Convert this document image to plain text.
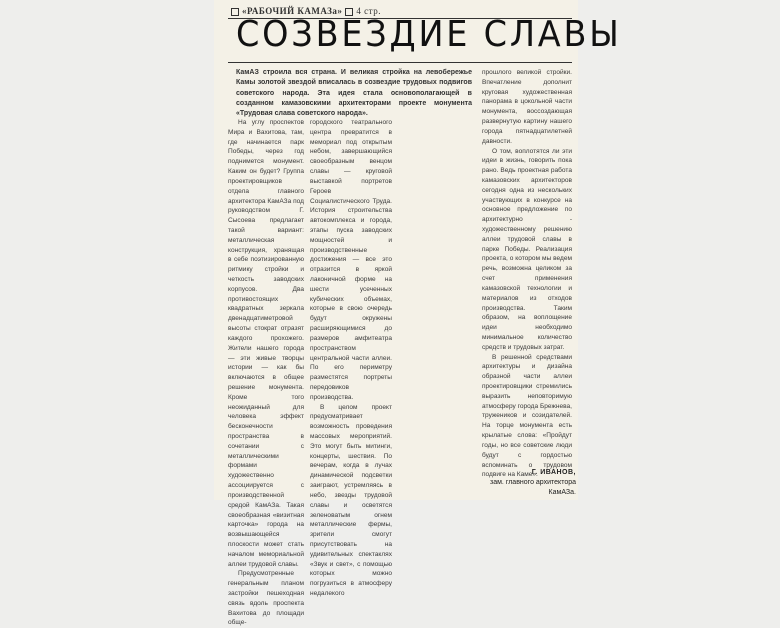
«РАБОЧИЙ КАМАЗа» 4 стр.
СОЗВЕЗДИЕ СЛАВЫ
КамАЗ строила вся страна. И великая стройка на левобережье Камы золотой звездой вписалась в созвездие трудовых подвигов советского народа. Эта идея стала основополагающей в созданном камазовскими архитекторами проекте монумента «Трудовая слава советского народа».

На углу проспектов Мира и Вахитова, там, где начинается парк Победы, через год поднимется монумент. Каким он будет? Группа проектировщиков отдела главного архитектора КамАЗа под руководством Г. Сысоева предлагает такой вариант: металлическая конструкция, хранящая в себе поэтизированную ритмику стройки и четкость заводских корпусов. Два противостоящих квадратных зеркала двенадцатиметровой высоты стократ отразят каждого прохожего. Жители нашего города — эти живые творцы истории — как бы включаются в общее решение монумента. Кроме того неожиданный для человека эффект бесконечности пространства в сочетании с металлическими формами художественно ассоциируется с производственной средой КамАЗа. Такая своеобразная «визитная карточка» города на возвышающейся плоскости может стать началом мемориальной аллеи трудовой славы.

Предусмотренные генеральным планом застройки пешеходная связь вдоль проспекта Вахитова до площади обще-

городского театрального центра превратится в мемориал под открытым небом, завершающийся своеобразным венцом славы — круговой выставкой портретов Героев Социалистического Труда. История строительства автокомплекса и города, этапы пуска заводских мощностей и производственные достижения — все это отразится в яркой лаконичной форме на шести усеченных кубических объемах, которые в свою очередь будут окружены расширяющимися до размеров амфитеатра пространством центральной части аллеи. По его периметру разместятся портреты передовиков производства.

В целом проект предусматривает возможность проведения массовых мероприятий. Это могут быть митинги, концерты, шествия. По вечерам, когда в лучах динамической подсветки заиграют, устремляясь в небо, звезды трудовой славы и осветятся зеленоватым огнем металлические фермы, зрители смогут присутствовать на удивительных спектаклях «Звук и свет», с помощью которых можно погрузиться в атмосферу недалекого

прошлого великой стройки. Впечатление дополнит круговая художественная панорама в цокольной части монумента, воссоздающая развернутую картину нашего города пятнадцатилетней давности.

О том, воплотятся ли эти идеи в жизнь, говорить пока рано. Ведь проектная работа камазовских архитекторов сегодня одна из нескольких участвующих в конкурсе на основное предложение по архитектурно - художественному решению аллеи трудовой славы в парке Победы. Реализация проекта, о котором мы ведем речь, возможна целиком за счет применения камазовской технологии и материалов из отходов производства. Таким образом, на воплощение идеи необходимо минимальное количество средств и трудовых затрат.

В решенной средствами архитектуры и дизайна образной части аллеи проектировщики стремились выразить неповторимую атмосферу города Брежнева, тружеников и созидателей. На торце монумента есть крылатые слова: «Пройдут годы, но все советские люди будут с гордостью вспоминать о трудовом подвиге на Каме».

Г. ИВАНОВ,
зам. главного архитектора КамАЗа.
